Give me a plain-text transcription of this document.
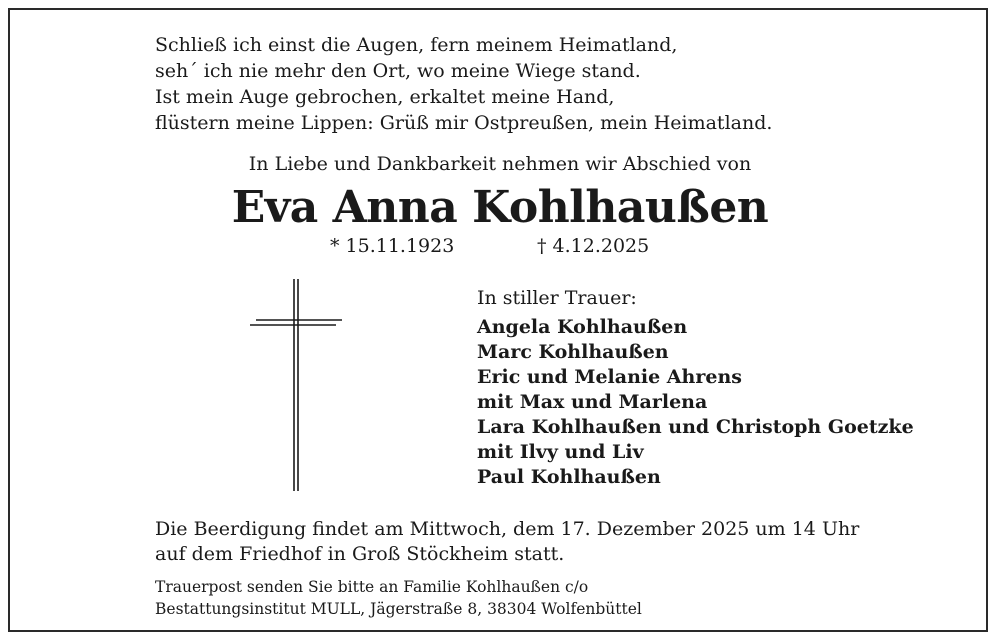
Schließ ich einst die Augen, fern meinem Heimatland,
seh´ ich nie mehr den Ort, wo meine Wiege stand.
Ist mein Auge gebrochen, erkaltet meine Hand,
flüstern meine Lippen: Grüß mir Ostpreußen, mein Heimatland.
In Liebe und Dankbarkeit nehmen wir Abschied von
Eva Anna Kohlhaußen
* 15.11.1923	† 4.12.2025
In stiller Trauer:
Angela Kohlhaußen
Marc Kohlhaußen
Eric und Melanie Ahrens
mit Max und Marlena
Lara Kohlhaußen und Christoph Goetzke
mit Ilvy und Liv
Paul Kohlhaußen
Die Beerdigung findet am Mittwoch, dem 17. Dezember 2025 um 14 Uhr
auf dem Friedhof in Groß Stöckheim statt.
Trauerpost senden Sie bitte an Familie Kohlhaußen c/o
Bestattungsinstitut MULL, Jägerstraße 8, 38304 Wolfenbüttel
